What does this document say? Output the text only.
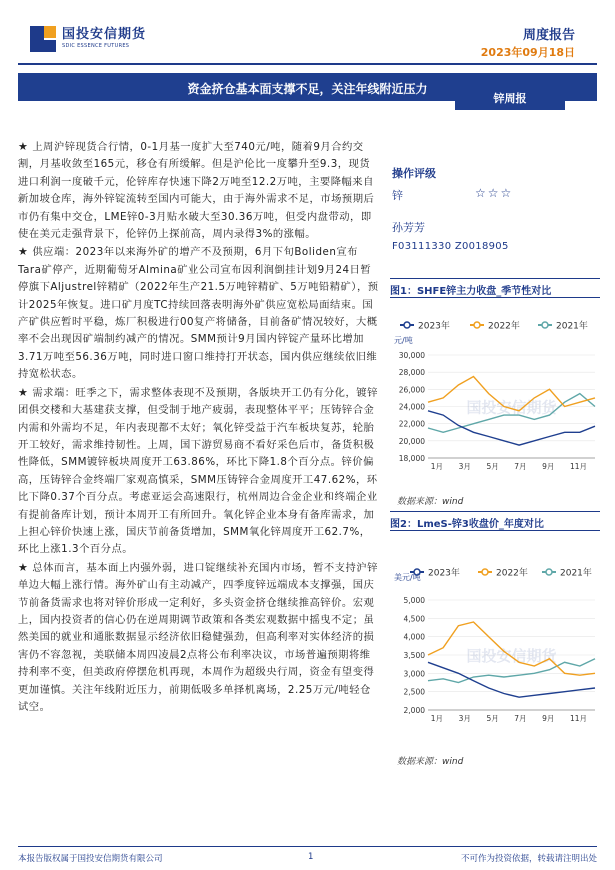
国投安信期货
SDIC ESSENCE FUTURES
周度报告
2023年09月18日
资金挤仓基本面支撑不足，关注年线附近压力
锌周报

★ 上周沪锌现货合行情，0-1月基一度扩大至740元/吨，随着9月合约交割，月基收敛至165元，移仓有所缓解。但是沪伦比一度攀升至9.3，现货进口利润一度破千元，伦锌库存快速下降2万吨至12.2万吨，主要降幅来自新加坡仓库，海外锌锭流转至国内可能大，由于海外需求不足，市场预期后市仍有集中交仓，LME锌0-3月贴水破大至30.36万吨，但受内盘带动，即使在美元走强背景下，伦锌仍上探前高，周内录得3%的涨幅。

★ 供应端：2023年以来海外矿的增产不及预期，6月下旬Boliden宣布Tara矿停产，近期葡萄牙Almina矿业公司宣布因利润倒挂计划9月24日暂停旗下Aljustrel锌精矿（2022年生产21.5万吨锌精矿、5万吨铅精矿），预计2025年恢复。进口矿月度TC持续回落表明海外矿供应宽松局面结束。国产矿供应暂时平稳，炼厂积极进行00复产将储备，目前备矿情况较好，大概率不会出现因矿端制约减产的情况。SMM预计9月国内锌锭产量环比增加3.71万吨至56.36万吨，同时进口窗口维持打开状态，国内供应继续依旧维持宽松状态。

★ 需求端：旺季之下，需求整体表现不及预期，各版块开工仍有分化，镀锌团俱交楼和大基建获支撑，但受制于地产疲弱，表现整体平平；压铸锌合金内需和外需均不足，年内表现都不太好；氧化锌受益于汽车板块复苏，轮胎开工较好，需求维持韧性。上周，国下游贸易商不看好采色后市，备货积极性降低，SMM镀锌板块周度开工63.86%，环比下降1.8个百分点。锌价偏高，压铸锌合金终端厂家观高慎采，SMM压铸锌合金周度开工47.62%，环比下降0.37个百分点。考虑亚运会高速限行，杭州周边合金企业和终端企业有提前备库计划，预计本周开工有所回升。氧化锌企业本身有备库需求，加上担心锌价快速上涨，国庆节前备货增加，SMM氧化锌周度开工62.7%，环比上涨1.3个百分点。

★ 总体而言，基本面上内强外弱，进口锭继续补充国内市场，暂不支持沪锌单边大幅上涨行情。海外矿山有主动减产，四季度锌远端成本支撑强，国庆节前备货需求也将对锌价形成一定利好，多头资金挤仓继续推高锌价。宏观上，国内投资者的信心仍在逆周期调节政策和各类宏观数据中摇曳不定；虽然美国的就业和通胀数据显示经济依旧稳健强劲，但高利率对实体经济的损害仍不容忽视，美联储本周四凌晨2点将公布利率决议，市场普遍预期将维持利率不变，但美政府停摆危机再现，本周作为超级央行周，资金有望变得更加谨慎。关注年线附近压力，前期低吸多单择机离场，2.25万元/吨轻仓试空。

操作评级
锌	☆☆☆
孙芳芳
F03111330 Z0018905
图1：SHFE锌主力收盘_季节性对比
2023年	2022年	2021年
元/吨
18,000
20,000
22,000
24,000
26,000
28,000
30,000
1月 3月 5月 7月 9月 11月
国投安信期货
数据来源：wind
图2：LmeS-锌3收盘价_年度对比
2023年	2022年	2021年
美元/吨
2,000
2,500
3,000
3,500
4,000
4,500
5,000
1月 3月 5月 7月 9月 11月
国投安信期货
数据来源：wind
本报告版权属于国投安信期货有限公司	1	不可作为投资依据，转载请注明出处
